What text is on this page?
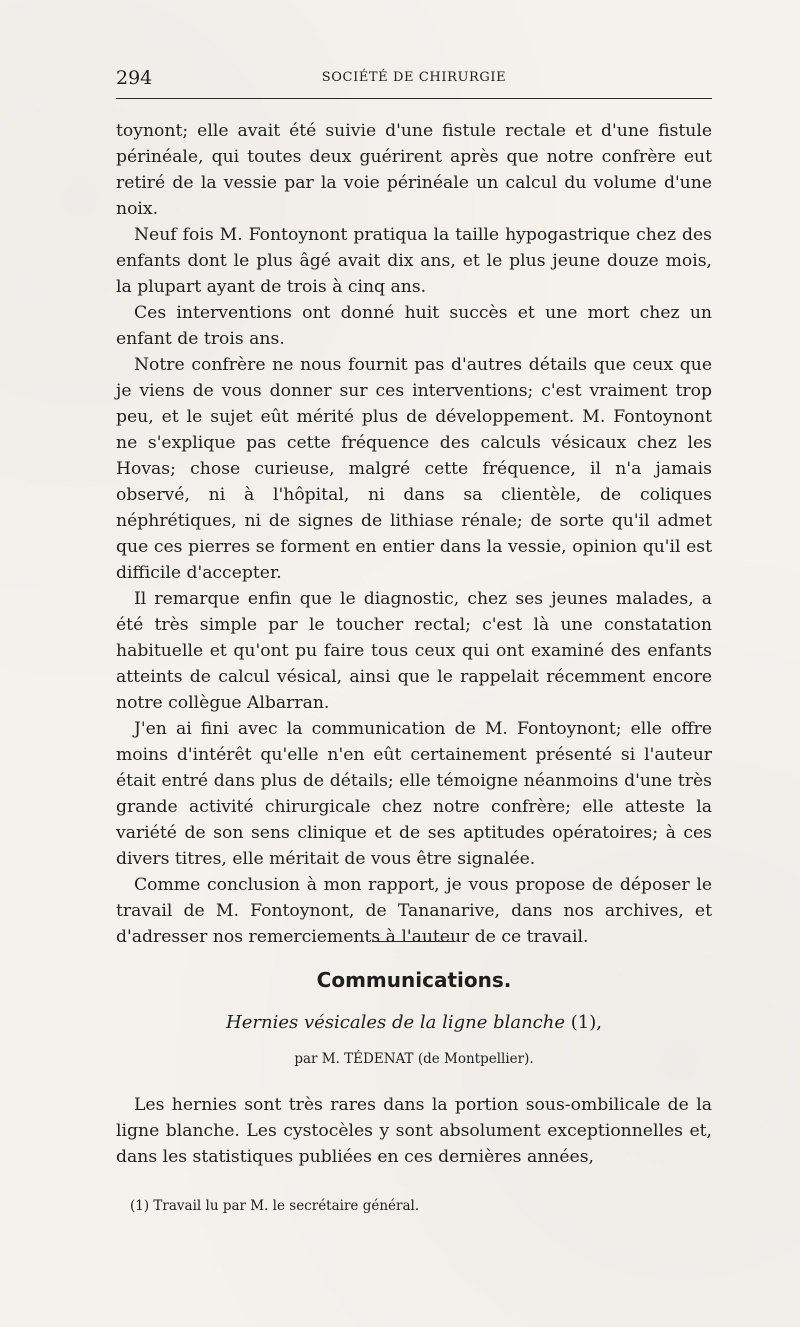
294	SOCIÉTÉ DE CHIRURGIE

toynont; elle avait été suivie d'une fistule rectale et d'une fistule périnéale, qui toutes deux guérirent après que notre confrère eut retiré de la vessie par la voie périnéale un calcul du volume d'une noix.

Neuf fois M. Fontoynont pratiqua la taille hypogastrique chez des enfants dont le plus âgé avait dix ans, et le plus jeune douze mois, la plupart ayant de trois à cinq ans.

Ces interventions ont donné huit succès et une mort chez un enfant de trois ans.

Notre confrère ne nous fournit pas d'autres détails que ceux que je viens de vous donner sur ces interventions; c'est vraiment trop peu, et le sujet eût mérité plus de développement. M. Fontoynont ne s'explique pas cette fréquence des calculs vésicaux chez les Hovas; chose curieuse, malgré cette fréquence, il n'a jamais observé, ni à l'hôpital, ni dans sa clientèle, de coliques néphrétiques, ni de signes de lithiase rénale; de sorte qu'il admet que ces pierres se forment en entier dans la vessie, opinion qu'il est difficile d'accepter.

Il remarque enfin que le diagnostic, chez ses jeunes malades, a été très simple par le toucher rectal; c'est là une constatation habituelle et qu'ont pu faire tous ceux qui ont examiné des enfants atteints de calcul vésical, ainsi que le rappelait récemment encore notre collègue Albarran.

J'en ai fini avec la communication de M. Fontoynont; elle offre moins d'intérêt qu'elle n'en eût certainement présenté si l'auteur était entré dans plus de détails; elle témoigne néanmoins d'une très grande activité chirurgicale chez notre confrère; elle atteste la variété de son sens clinique et de ses aptitudes opératoires; à ces divers titres, elle méritait de vous être signalée.

Comme conclusion à mon rapport, je vous propose de déposer le travail de M. Fontoynont, de Tananarive, dans nos archives, et d'adresser nos remerciements à l'auteur de ce travail.

Communications.
Hernies vésicales de la ligne blanche (1),
par M. TÉDENAT (de Montpellier).

Les hernies sont très rares dans la portion sous-ombilicale de la ligne blanche. Les cystocèles y sont absolument exceptionnelles et, dans les statistiques publiées en ces dernières années,

(1) Travail lu par M. le secrétaire général.
